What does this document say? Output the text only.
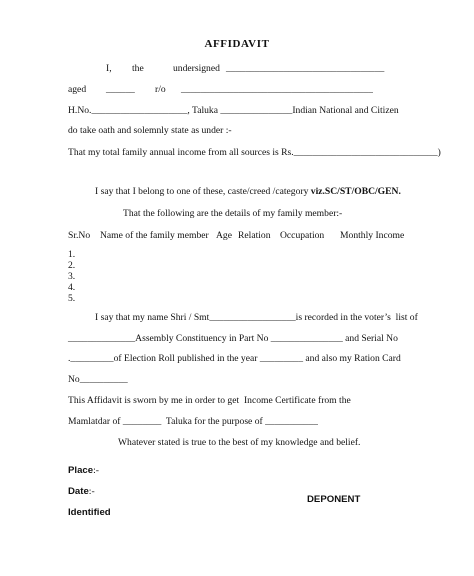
AFFIDAVIT
I, the	undersigned _________________________________
aged ______ r/o ________________________________________
H.No.____________________, Taluka _______________Indian National and Citizen
do take oath and solemnly state as under :-
That my total family annual income from all sources is Rs.______________________________)
I say that I belong to one of these, caste/creed /category viz.SC/ST/OBC/GEN.
That the following are the details of my family member:-
Sr.No Name of the family member Age Relation Occupation Monthly Income
1.
2.
3.
4.
5.
I say that my name Shri / Smt__________________is recorded in the voter’s  list of
______________Assembly Constituency in Part No _______________ and Serial No
._________of Election Roll published in the year _________ and also my Ration Card
No__________
This Affidavit is sworn by me in order to get  Income Certificate from the
Mamlatdar of ________  Taluka for the purpose of ___________
Whatever stated is true to the best of my knowledge and belief.
Place:-
Date:-
DEPONENT
Identified
